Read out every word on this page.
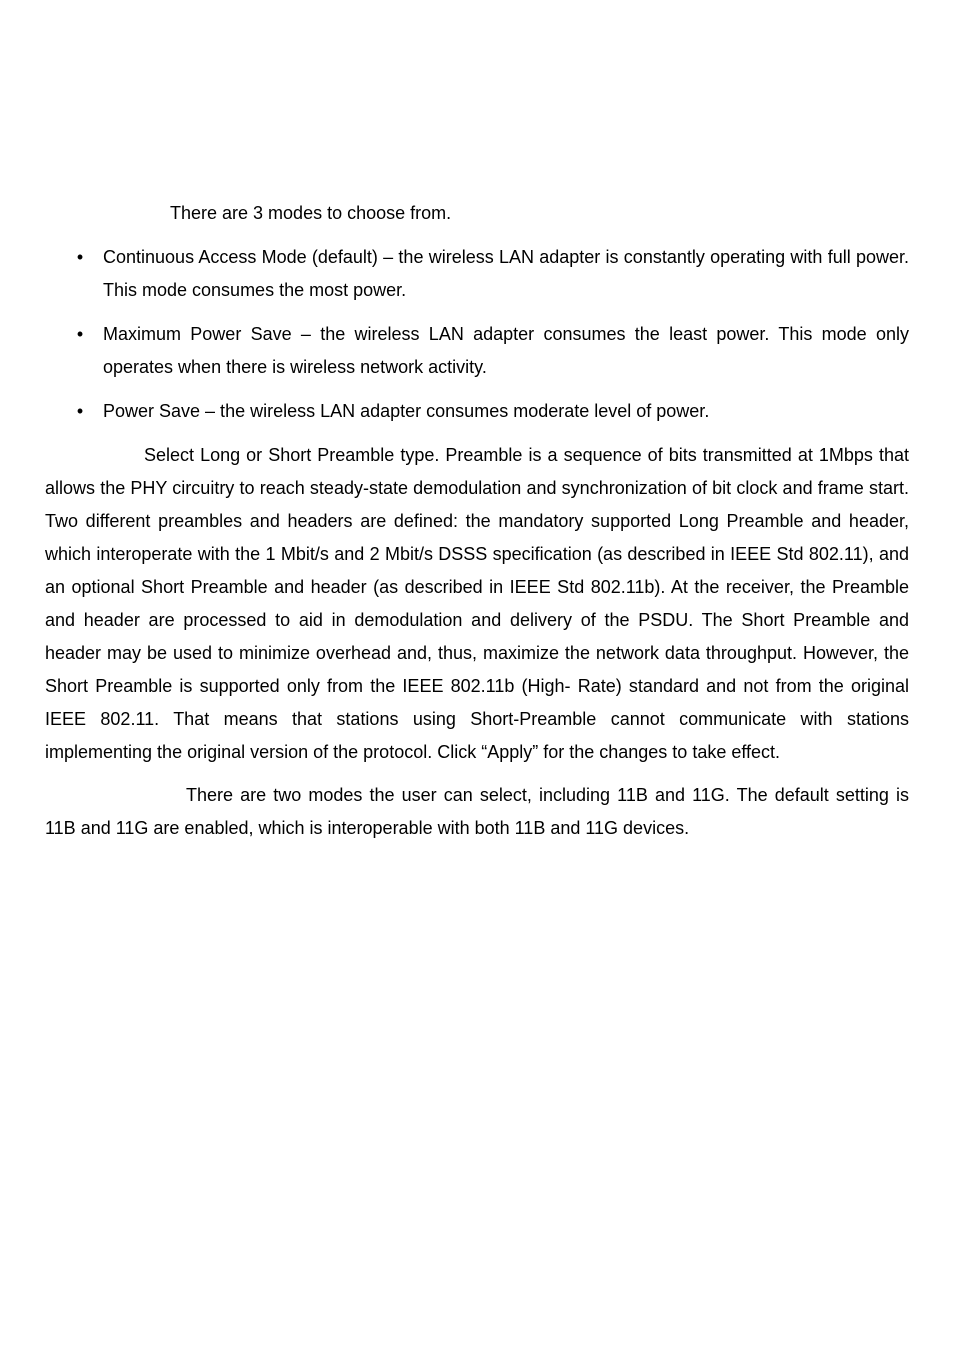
There are 3 modes to choose from.
• Continuous Access Mode (default) – the wireless LAN adapter is constantly operating with full power. This mode consumes the most power.
• Maximum Power Save – the wireless LAN adapter consumes the least power. This mode only operates when there is wireless network activity.
• Power Save – the wireless LAN adapter consumes moderate level of power.

Select Long or Short Preamble type. Preamble is a sequence of bits transmitted at 1Mbps that allows the PHY circuitry to reach steady-state demodulation and synchronization of bit clock and frame start. Two different preambles and headers are defined: the mandatory supported Long Preamble and header, which interoperate with the 1 Mbit/s and 2 Mbit/s DSSS specification (as described in IEEE Std 802.11), and an optional Short Preamble and header (as described in IEEE Std 802.11b). At the receiver, the Preamble and header are processed to aid in demodulation and delivery of the PSDU. The Short Preamble and header may be used to minimize overhead and, thus, maximize the network data throughput. However, the Short Preamble is supported only from the IEEE 802.11b (High- Rate) standard and not from the original IEEE 802.11. That means that stations using Short-Preamble cannot communicate with stations implementing the original version of the protocol. Click “Apply” for the changes to take effect.

There are two modes the user can select, including 11B and 11G. The default setting is 11B and 11G are enabled, which is interoperable with both 11B and 11G devices.
